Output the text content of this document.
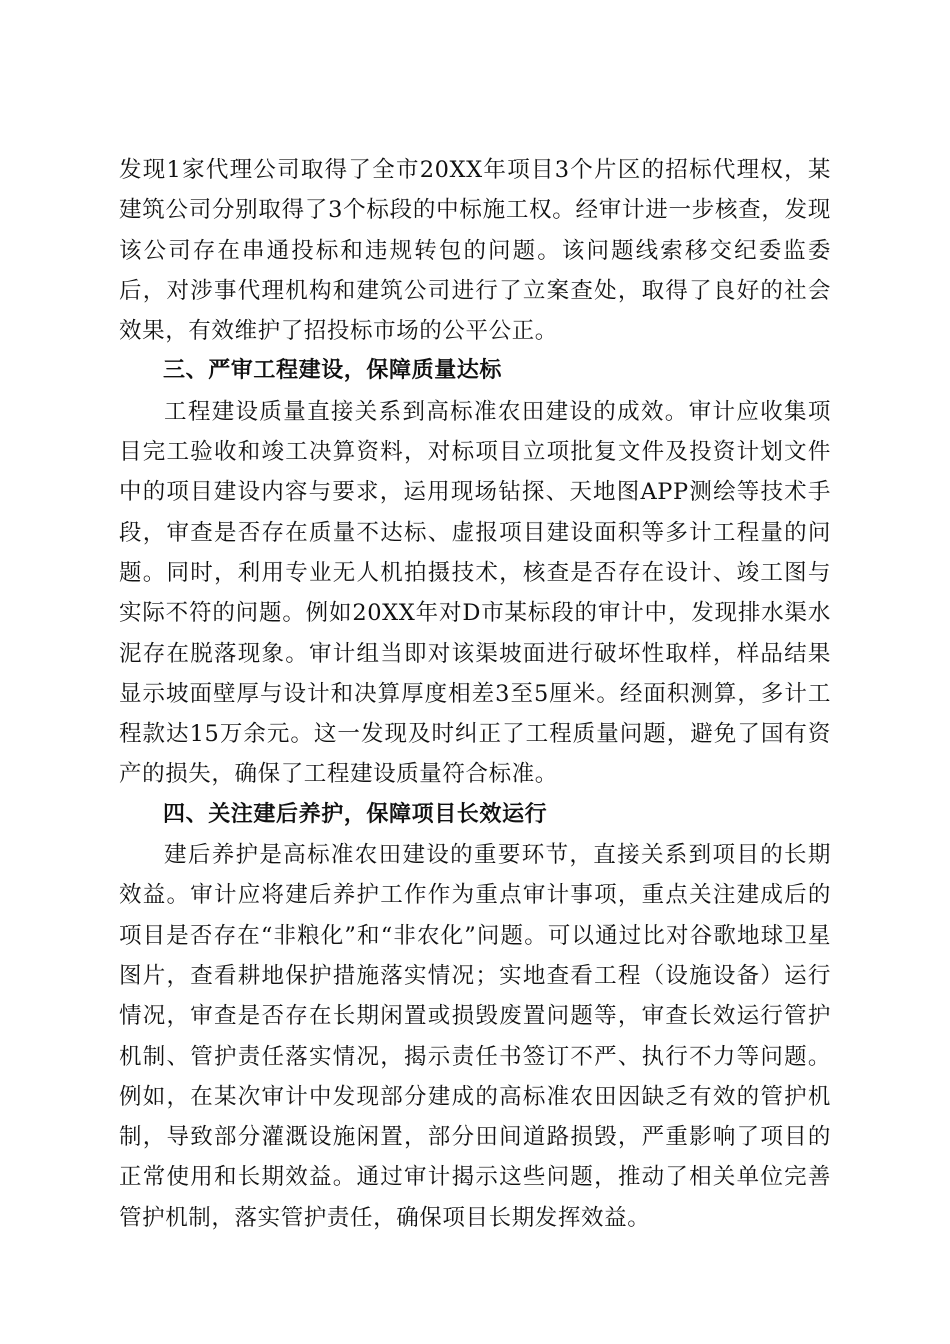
发现1家代理公司取得了全市20XX年项目3个片区的招标代理权，某建筑公司分别取得了3个标段的中标施工权。经审计进一步核查，发现该公司存在串通投标和违规转包的问题。该问题线索移交纪委监委后，对涉事代理机构和建筑公司进行了立案查处，取得了良好的社会效果，有效维护了招投标市场的公平公正。

三、严审工程建设，保障质量达标

工程建设质量直接关系到高标准农田建设的成效。审计应收集项目完工验收和竣工决算资料，对标项目立项批复文件及投资计划文件中的项目建设内容与要求，运用现场钻探、天地图APP测绘等技术手段，审查是否存在质量不达标、虚报项目建设面积等多计工程量的问题。同时，利用专业无人机拍摄技术，核查是否存在设计、竣工图与实际不符的问题。例如20XX年对D市某标段的审计中，发现排水渠水泥存在脱落现象。审计组当即对该渠坡面进行破坏性取样，样品结果显示坡面壁厚与设计和决算厚度相差3至5厘米。经面积测算，多计工程款达15万余元。这一发现及时纠正了工程质量问题，避免了国有资产的损失，确保了工程建设质量符合标准。

四、关注建后养护，保障项目长效运行

建后养护是高标准农田建设的重要环节，直接关系到项目的长期效益。审计应将建后养护工作作为重点审计事项，重点关注建成后的项目是否存在“非粮化”和“非农化”问题。可以通过比对谷歌地球卫星图片，查看耕地保护措施落实情况；实地查看工程（设施设备）运行情况，审查是否存在长期闲置或损毁废置问题等，审查长效运行管护机制、管护责任落实情况，揭示责任书签订不严、执行不力等问题。例如，在某次审计中发现部分建成的高标准农田因缺乏有效的管护机制，导致部分灌溉设施闲置，部分田间道路损毁，严重影响了项目的正常使用和长期效益。通过审计揭示这些问题，推动了相关单位完善管护机制，落实管护责任，确保项目长期发挥效益。
